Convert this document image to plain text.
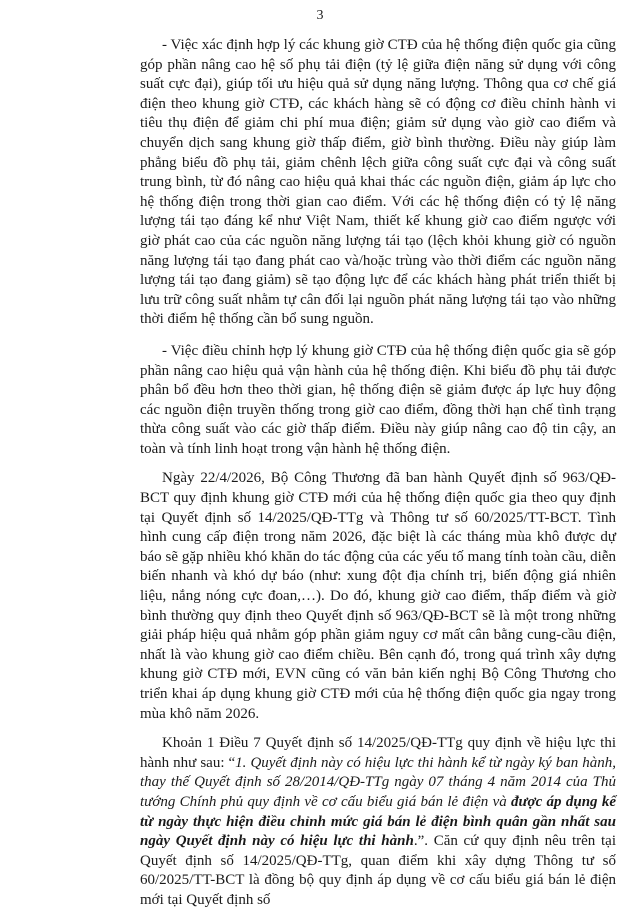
3

- Việc xác định hợp lý các khung giờ CTĐ của hệ thống điện quốc gia cũng góp phần nâng cao hệ số phụ tải điện (tỷ lệ giữa điện năng sử dụng với công suất cực đại), giúp tối ưu hiệu quả sử dụng năng lượng. Thông qua cơ chế giá điện theo khung giờ CTĐ, các khách hàng sẽ có động cơ điều chỉnh hành vi tiêu thụ điện để giảm chi phí mua điện; giảm sử dụng vào giờ cao điểm và chuyển dịch sang khung giờ thấp điểm, giờ bình thường. Điều này giúp làm phẳng biểu đồ phụ tải, giảm chênh lệch giữa công suất cực đại và công suất trung bình, từ đó nâng cao hiệu quả khai thác các nguồn điện, giảm áp lực cho hệ thống điện trong thời gian cao điểm. Với các hệ thống điện có tỷ lệ năng lượng tái tạo đáng kể như Việt Nam, thiết kế khung giờ cao điểm ngược với giờ phát cao của các nguồn năng lượng tái tạo (lệch khỏi khung giờ có nguồn năng lượng tái tạo đang phát cao và/hoặc trùng vào thời điểm các nguồn năng lượng tái tạo đang giảm) sẽ tạo động lực để các khách hàng phát triển thiết bị lưu trữ công suất nhằm tự cân đối lại nguồn phát năng lượng tái tạo vào những thời điểm hệ thống cần bổ sung nguồn.

- Việc điều chỉnh hợp lý khung giờ CTĐ của hệ thống điện quốc gia sẽ góp phần nâng cao hiệu quả vận hành của hệ thống điện. Khi biểu đồ phụ tải được phân bổ đều hơn theo thời gian, hệ thống điện sẽ giảm được áp lực huy động các nguồn điện truyền thống trong giờ cao điểm, đồng thời hạn chế tình trạng thừa công suất vào các giờ thấp điểm. Điều này giúp nâng cao độ tin cậy, an toàn và tính linh hoạt trong vận hành hệ thống điện.

Ngày 22/4/2026, Bộ Công Thương đã ban hành Quyết định số 963/QĐ-BCT quy định khung giờ CTĐ mới của hệ thống điện quốc gia theo quy định tại Quyết định số 14/2025/QĐ-TTg và Thông tư số 60/2025/TT-BCT. Tình hình cung cấp điện trong năm 2026, đặc biệt là các tháng mùa khô được dự báo sẽ gặp nhiều khó khăn do tác động của các yếu tố mang tính toàn cầu, diễn biến nhanh và khó dự báo (như: xung đột địa chính trị, biến động giá nhiên liệu, nắng nóng cực đoan,…). Do đó, khung giờ cao điểm, thấp điểm và giờ bình thường quy định theo Quyết định số 963/QĐ-BCT sẽ là một trong những giải pháp hiệu quả nhằm góp phần giảm nguy cơ mất cân bằng cung-cầu điện, nhất là vào khung giờ cao điểm chiều. Bên cạnh đó, trong quá trình xây dựng khung giờ CTĐ mới, EVN cũng có văn bản kiến nghị Bộ Công Thương cho triển khai áp dụng khung giờ CTĐ mới của hệ thống điện quốc gia ngay trong mùa khô năm 2026.

Khoản 1 Điều 7 Quyết định số 14/2025/QĐ-TTg quy định về hiệu lực thi hành như sau: “1. Quyết định này có hiệu lực thi hành kể từ ngày ký ban hành, thay thế Quyết định số 28/2014/QĐ-TTg ngày 07 tháng 4 năm 2014 của Thủ tướng Chính phủ quy định về cơ cấu biểu giá bán lẻ điện và được áp dụng kể từ ngày thực hiện điều chỉnh mức giá bán lẻ điện bình quân gần nhất sau ngày Quyết định này có hiệu lực thi hành.”. Căn cứ quy định nêu trên tại Quyết định số 14/2025/QĐ-TTg, quan điểm khi xây dựng Thông tư số 60/2025/TT-BCT là đồng bộ quy định áp dụng về cơ cấu biểu giá bán lẻ điện mới tại Quyết định số
